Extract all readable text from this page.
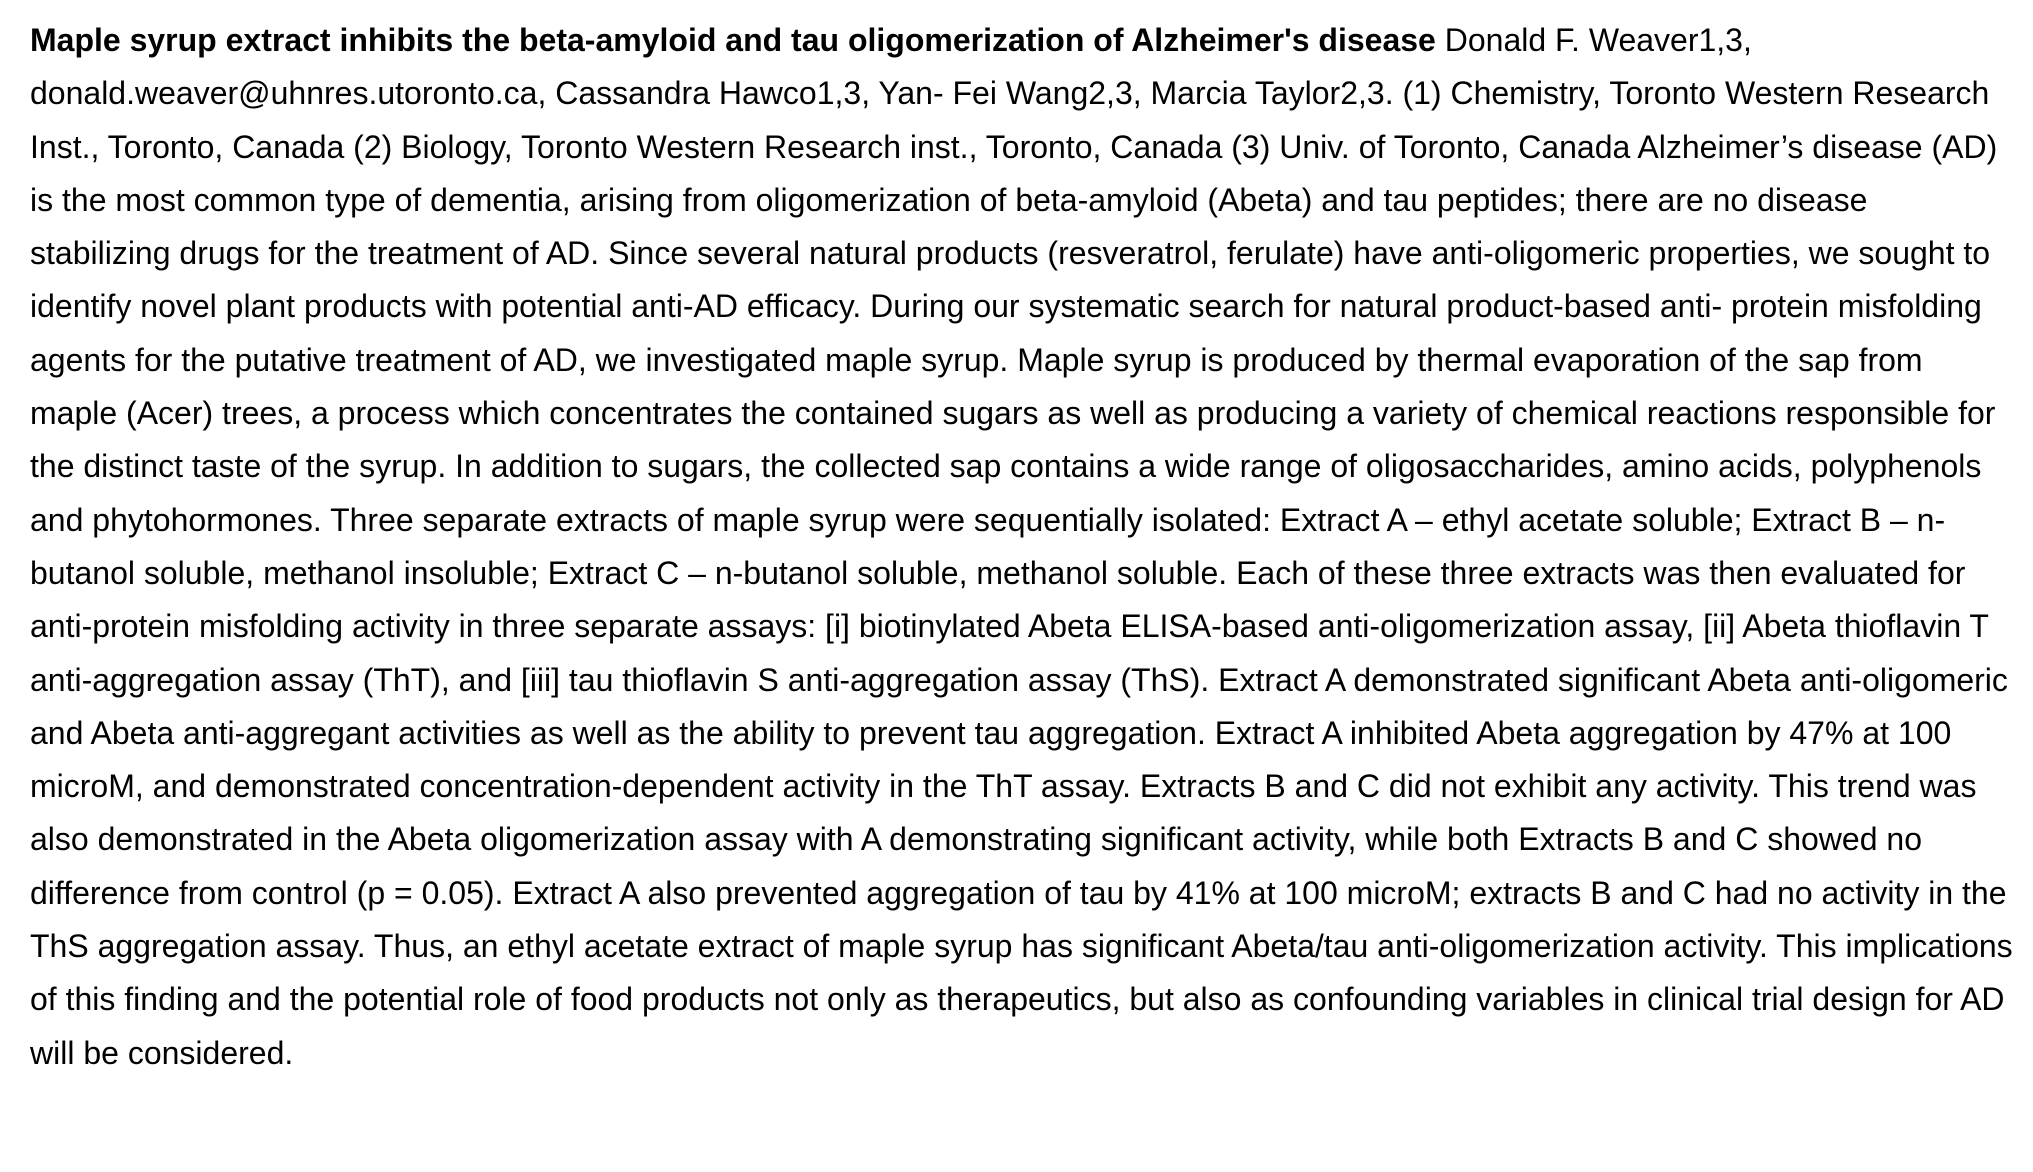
Maple syrup extract inhibits the beta-amyloid and tau oligomerization of Alzheimer's disease Donald F. Weaver1,3, donald.weaver@uhnres.utoronto.ca, Cassandra Hawco1,3, Yan- Fei Wang2,3, Marcia Taylor2,3. (1) Chemistry, Toronto Western Research Inst., Toronto, Canada (2) Biology, Toronto Western Research inst., Toronto, Canada (3) Univ. of Toronto, Canada Alzheimer’s disease (AD) is the most common type of dementia, arising from oligomerization of beta-amyloid (Abeta) and tau peptides; there are no disease stabilizing drugs for the treatment of AD. Since several natural products (resveratrol, ferulate) have anti-oligomeric properties, we sought to identify novel plant products with potential anti-AD efficacy. During our systematic search for natural product-based anti- protein misfolding agents for the putative treatment of AD, we investigated maple syrup. Maple syrup is produced by thermal evaporation of the sap from maple (Acer) trees, a process which concentrates the contained sugars as well as producing a variety of chemical reactions responsible for the distinct taste of the syrup. In addition to sugars, the collected sap contains a wide range of oligosaccharides, amino acids, polyphenols and phytohormones. Three separate extracts of maple syrup were sequentially isolated: Extract A – ethyl acetate soluble; Extract B – n-butanol soluble, methanol insoluble; Extract C – n-butanol soluble, methanol soluble. Each of these three extracts was then evaluated for anti-protein misfolding activity in three separate assays: [i] biotinylated Abeta ELISA-based anti-oligomerization assay, [ii] Abeta thioflavin T anti-aggregation assay (ThT), and [iii] tau thioflavin S anti-aggregation assay (ThS). Extract A demonstrated significant Abeta anti-oligomeric and Abeta anti-aggregant activities as well as the ability to prevent tau aggregation. Extract A inhibited Abeta aggregation by 47% at 100 microM, and demonstrated concentration-dependent activity in the ThT assay. Extracts B and C did not exhibit any activity. This trend was also demonstrated in the Abeta oligomerization assay with A demonstrating significant activity, while both Extracts B and C showed no difference from control (p = 0.05). Extract A also prevented aggregation of tau by 41% at 100 microM; extracts B and C had no activity in the ThS aggregation assay. Thus, an ethyl acetate extract of maple syrup has significant Abeta/tau anti-oligomerization activity. This implications of this finding and the potential role of food products not only as therapeutics, but also as confounding variables in clinical trial design for AD will be considered.
